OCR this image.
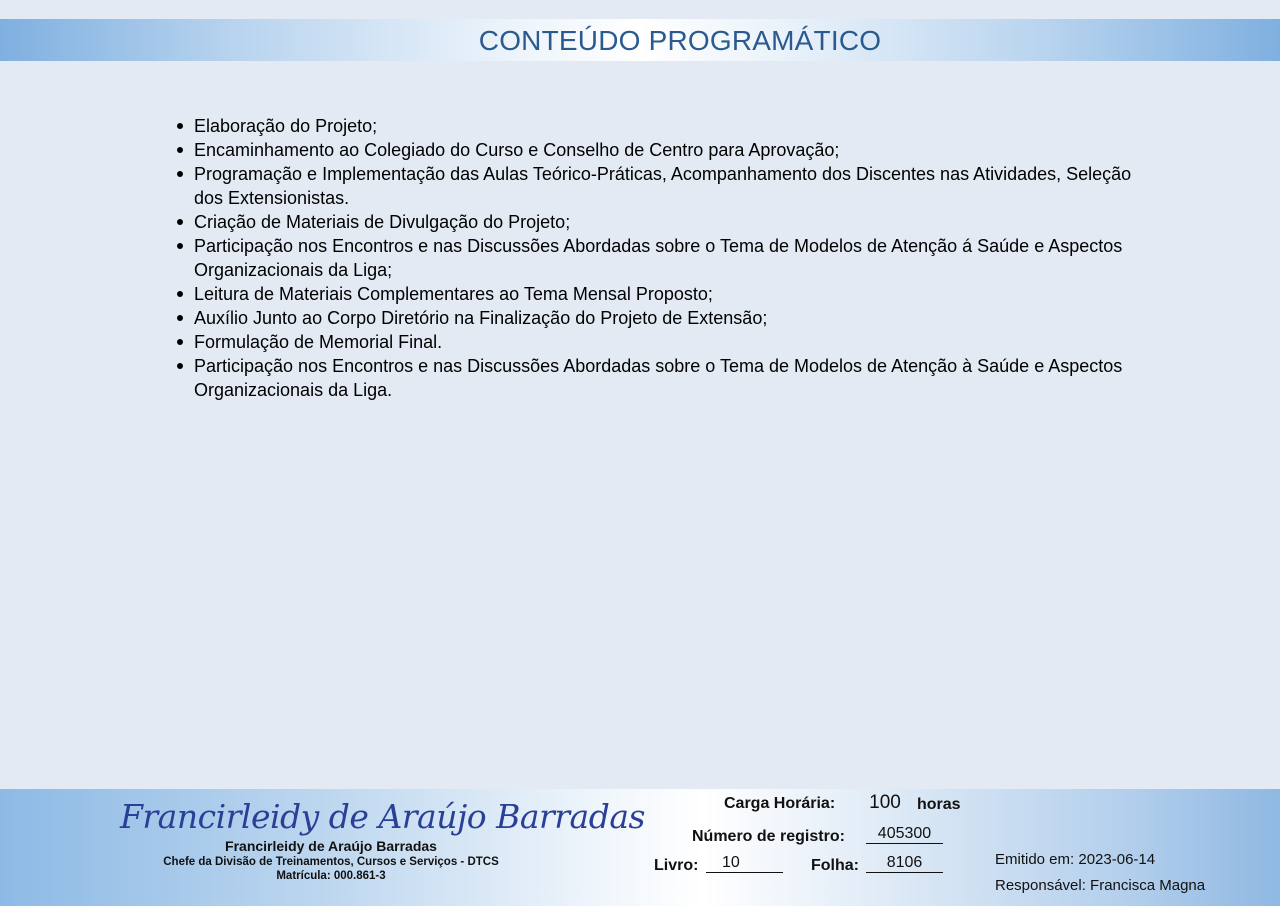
CONTEÚDO PROGRAMÁTICO
Elaboração do Projeto;
Encaminhamento ao Colegiado do Curso e Conselho de Centro para Aprovação;
Programação e Implementação das Aulas Teórico-Práticas, Acompanhamento dos Discentes nas Atividades, Seleção dos Extensionistas.
Criação de Materiais de Divulgação do Projeto;
Participação nos Encontros e nas Discussões Abordadas sobre o Tema de Modelos de Atenção á Saúde e Aspectos Organizacionais da Liga;
Leitura de Materiais Complementares ao Tema Mensal Proposto;
Auxílio Junto ao Corpo Diretório na Finalização do Projeto de Extensão;
Formulação de Memorial Final.
Participação nos Encontros e nas Discussões Abordadas sobre o Tema de Modelos de Atenção à Saúde e Aspectos Organizacionais da Liga.
Francirleidy de Araújo Barradas
Francirleidy de Araújo Barradas
Chefe da Divisão de Treinamentos, Cursos e Serviços - DTCS
Matrícula: 000.861-3
Carga Horária:	100	horas
Número de registro:	405300
Livro:	10	Folha:	8106	Emitido em: 2023-06-14
Responsável: Francisca Magna
